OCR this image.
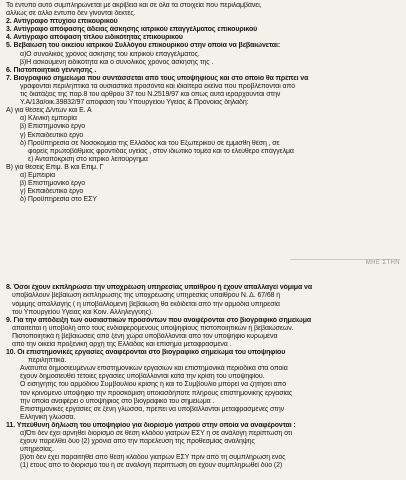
Το έντυπο αυτό συμπληρώνεται με ακρίβεια και σε όλα τα στοιχεία που περιλαμβάνει,
αλλιώς σε άλλο έντυπο δεν γίνονται δεκτές.
2. Αντίγραφο πτυχίου επικουρικού
3. Αντίγραφο απόφασης άδειας άσκησης ιατρικού επαγγέλματος επικουρικού
4. Αντίγραφο απόφαση τίτλου ειδικότητας επικουρικού
5. Βεβαίωση του οικείου ιατρικού Συλλόγου επικουρικού στην οποία να βεβαιώνεται:
α)Ο συνολικός χρόνος άσκησης του ιατρικού επαγγέλματος.
β)Η ασκούμενη ειδικότητα και ο συνολικός χρόνος άσκησης της .
6. Πιστοποιητικό γέννησης .
7. Βιογραφικό σημείωμα που συντάσσεται από τους υποψηφίους και στο οποίο θα πρέπει να
γράφονται περιληπτικά τα ουσιαστικά προσόντα και ιδιαίτερα εκείνα που προβλέπονται από
τις διατάξεις της παρ.8 του άρθρου 37 του Ν.2519/97 και όπως αυτά ιεραρχούνται στην
Υ.Α/13α/οικ.39832/97 απόφαση του Υπουργείου Υγείας & Πρόνοιας δηλαδή:
Α) για θέσεις Δ/ντών και Ε. Α
α) Κλινική εμπειρία
β) Επιστημονικό έργο
γ) Εκπαιδευτικό έργο
δ) Προϋπηρεσία σε Νοσοκομεία της Ελλάδος και του Εξωτερικού σε έμμισθη θέση , σε
φορείς πρωτοβάθμιας φροντίδας υγείας , στον ιδιωτικό τομέα και το ελεύθερο επάγγελμα
ε) Ανταπόκριση στο ιατρικό λειτούργημα
Β) για θέσεις Επιμ. Β και Επιμ. Γ
α) Εμπειρία
β) Επιστημονικό έργο
γ) Εκπαιδευτικό έργο
δ) Προϋπηρεσία στο ΕΣΥ
8. Όσοι έχουν εκπληρώσει την υποχρέωση υπηρεσίας υπαίθρου ή έχουν απαλλαγεί νόμιμα να
υποβάλλουν βεβαίωση εκπλήρωσης της υποχρέωσης υπηρεσίας υπαίθρου Ν. Δ. 67/68 ή
νόμιμης απαλλαγής ( η υποβαλλόμενη βεβαίωση θα εκδίδεται από την αρμόδια υπηρεσία
του Υπουργείου Υγείας και Κοιν. Αλληλεγγύης).
9. Για την απόδειξη των ουσιαστικών προσόντων που αναφέρονται στο βιογραφικό σημείωμα
απαιτείται η υποβολή από τους ενδιαφερόμενους υποψηφίους πιστοποιητικών ή βεβαιώσεων.
Πιστοποιητικά ή βεβαιώσεις από ξένη χώρα υποβάλλονται από τον υποψήφιο κυρωμένα
από την οικεία προξενική αρχή της Ελλάδας και επίσημα μεταφρασμένα .
10. Οι επιστημονικές εργασίες αναφέρονται στο βιογραφικό σημείωμα του υποψηφίου
περιληπτικά.
Ανάτυπα δημοσιευμένων επιστημονικών εργασιών και επιστημονικά περιοδικά στα οποία
έχουν δημοσιευθεί τέτοιες εργασίες υποβάλλονται κατά την κρίση του υποψηφίου.
Ο εισηγητής του αρμόδιου Συμβουλίου κρίσης ή και το Συμβούλιο μπορεί να ζητήσει από
τον κρινόμενο υποψήφιο την προσκόμιση οποιασδήποτε πλήρους επιστημονικής εργασίας
την οποία αναφέρει ο υποψήφιος στο βιογραφικό του σημείωμα .
Επιστημονικές εργασίες σε ξένη γλώσσα, πρέπει να υποβάλλονται μεταφρασμένες στην
Ελληνική γλώσσα.
11. Υπεύθυνη δήλωση του υποψηφίου για διορισμό γιατρού στην οποία να αναφέρονται :
α)Ότι δεν έχει αρνηθεί διορισμό σε θέση κλάδου γιατρών ΕΣΥ ή σε ανάλογη περίπτωση ότι
έχουν παρέλθει δύο (2) χρόνια από την παρέλευση της προθεσμίας ανάληψης
υπηρεσίας.
β)ότι δεν έχει παραιτηθεί από θέση κλάδου γιατρών ΕΣΥ πριν από τη συμπλήρωση ενός
(1) έτους από το διορισμό του ή σε ανάλογη περίπτωση ότι έχουν συμπληρωθεί δύο (2)
ΜΗΕ ΣΤΗΝ
